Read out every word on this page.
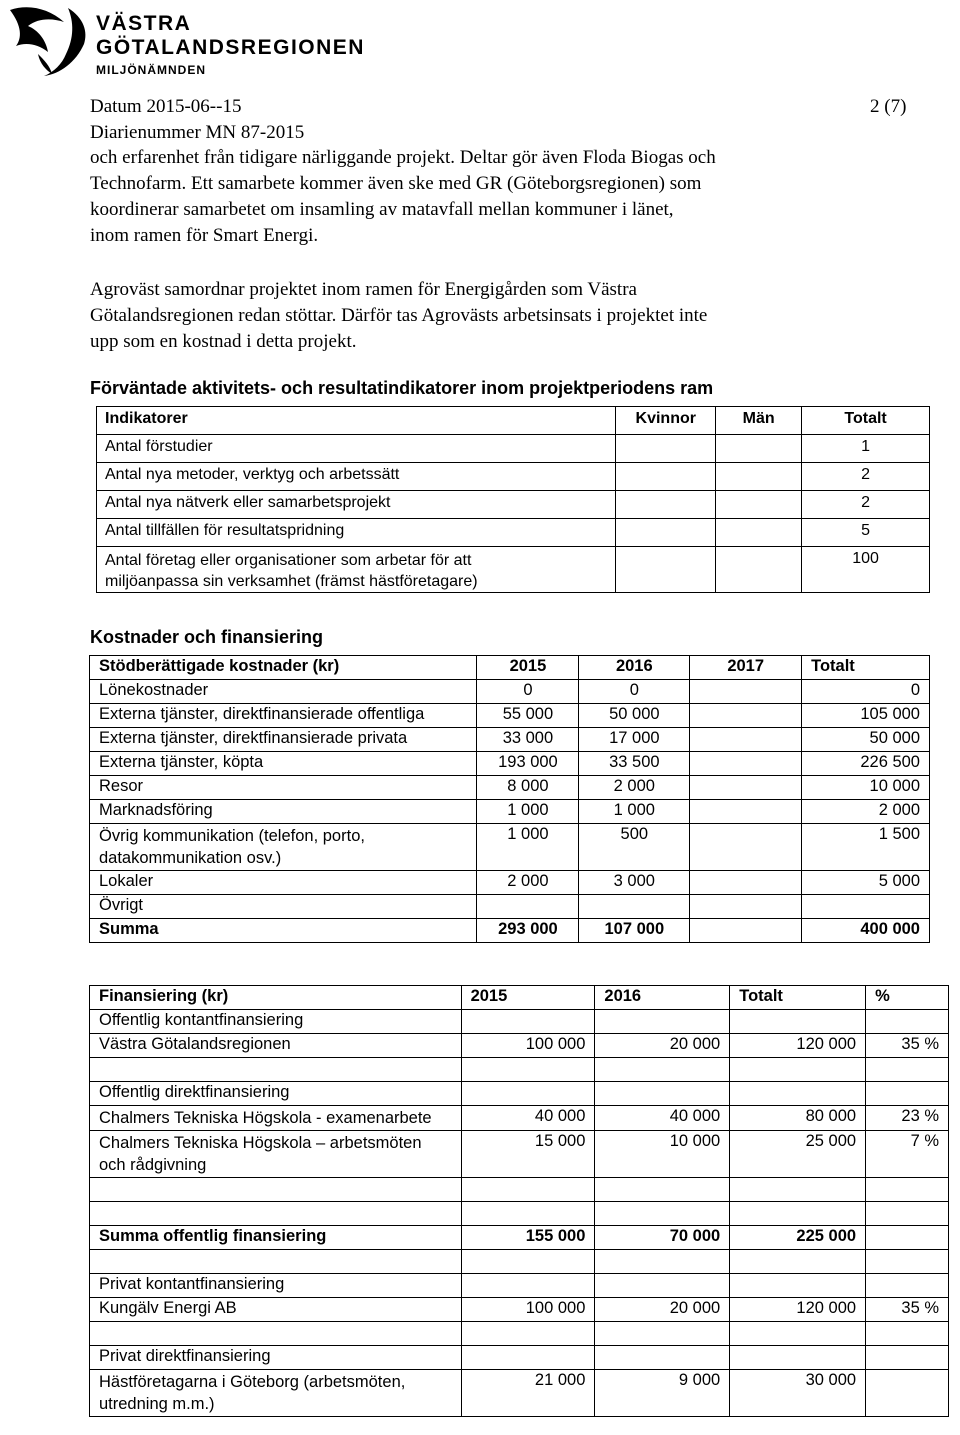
VÄSTRA
GÖTALANDSREGIONEN
MILJÖNÄMNDEN
Datum 2015-06--15
Diarienummer MN 87-2015
2 (7)

och erfarenhet från tidigare närliggande projekt. Deltar gör även Floda Biogas och

Technofarm. Ett samarbete kommer även ske med GR (Göteborgsregionen) som

koordinerar samarbetet om insamling av matavfall mellan kommuner i länet,

inom ramen för Smart Energi.

Agroväst samordnar projektet inom ramen för Energigården som Västra

Götalandsregionen redan stöttar. Därför tas Agrovästs arbetsinsats i projektet inte

upp som en kostnad i detta projekt.

Förväntade aktivitets- och resultatindikatorer inom projektperiodens ram
Indikatorer	Kvinnor	Män	Totalt
Antal förstudier			1
Antal nya metoder, verktyg och arbetssätt			2
Antal nya nätverk eller samarbetsprojekt			2
Antal tillfällen för resultatspridning			5
Antal företag eller organisationer som arbetar för att miljöanpassa sin verksamhet (främst hästföretagare)			100
Kostnader och finansiering
Stödberättigade kostnader (kr)	2015	2016	2017	Totalt
Lönekostnader	0	0		0
Externa tjänster, direktfinansierade offentliga	55 000	50 000		105 000
Externa tjänster, direktfinansierade privata	33 000	17 000		50 000
Externa tjänster, köpta	193 000	33 500		226 500
Resor	8 000	2 000		10 000
Marknadsföring	1 000	1 000		2 000
Övrig kommunikation (telefon, porto, datakommunikation osv.)	1 000	500		1 500
Lokaler	2 000	3 000		5 000
Övrigt				
Summa	293 000	107 000		400 000
Finansiering (kr)	2015	2016	Totalt	%
Offentlig kontantfinansiering				
Västra Götalandsregionen	100 000	20 000	120 000	35 %

Offentlig direktfinansiering				
Chalmers Tekniska Högskola - examenarbete	40 000	40 000	80 000	23 %
Chalmers Tekniska Högskola – arbetsmöten och rådgivning	15 000	10 000	25 000	7 %

Summa offentlig finansiering	155 000	70 000	225 000	

Privat kontantfinansiering				
Kungälv Energi AB	100 000	20 000	120 000	35 %

Privat direktfinansiering				
Hästföretagarna i Göteborg (arbetsmöten, utredning m.m.)	21 000	9 000	30 000	
